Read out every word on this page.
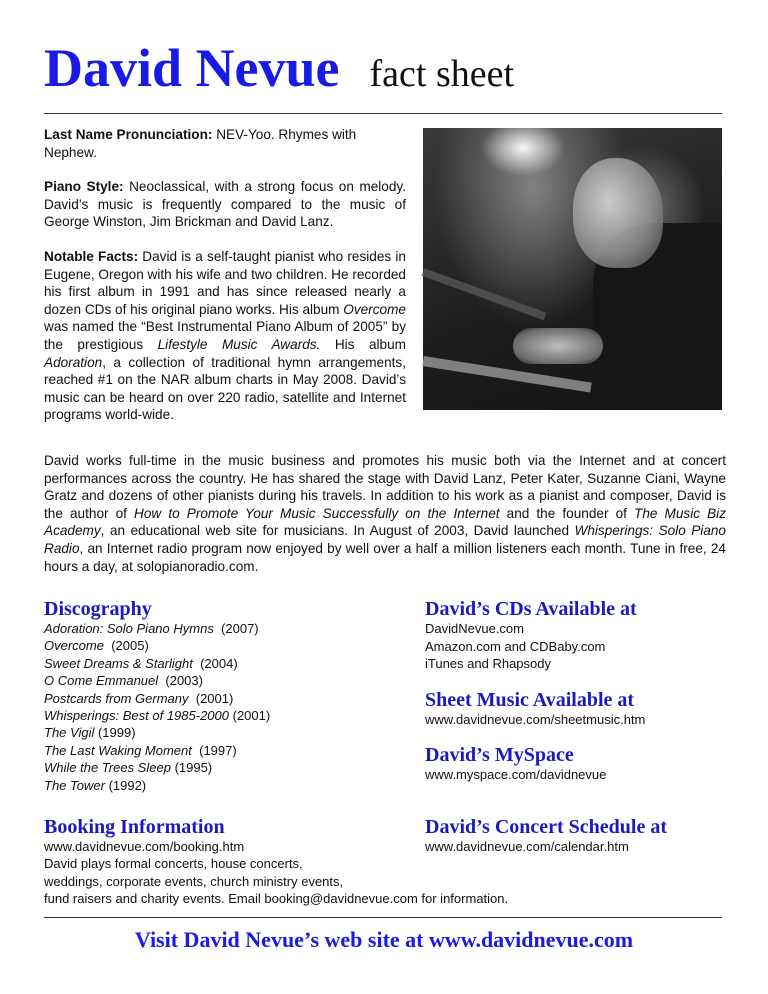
David Nevue fact sheet

Last Name Pronunciation: NEV-Yoo. Rhymes with Nephew.

Piano Style: Neoclassical, with a strong focus on melody. David’s music is frequently compared to the music of George Winston, Jim Brickman and David Lanz.

Notable Facts: David is a self-taught pianist who resides in Eugene, Oregon with his wife and two children. He recorded his first album in 1991 and has since released nearly a dozen CDs of his original piano works. His album Overcome was named the “Best Instrumental Piano Album of 2005” by the prestigious Lifestyle Music Awards. His album Adoration, a collection of traditional hymn arrangements, reached #1 on the NAR album charts in May 2008. David’s music can be heard on over 220 radio, satellite and Internet programs world-wide.

David works full-time in the music business and promotes his music both via the Internet and at concert performances across the country. He has shared the stage with David Lanz, Peter Kater, Suzanne Ciani, Wayne Gratz and dozens of other pianists during his travels. In addition to his work as a pianist and composer, David is the author of How to Promote Your Music Successfully on the Internet and the founder of The Music Biz Academy, an educational web site for musicians. In August of 2003, David launched Whisperings: Solo Piano Radio, an Internet radio program now enjoyed by well over a half a million listeners each month. Tune in free, 24 hours a day, at solopianoradio.com.

Discography
Adoration: Solo Piano Hymns (2007)
Overcome (2005)
Sweet Dreams & Starlight (2004)
O Come Emmanuel (2003)
Postcards from Germany (2001)
Whisperings: Best of 1985-2000 (2001)
The Vigil (1999)
The Last Waking Moment (1997)
While the Trees Sleep (1995)
The Tower (1992)
David’s CDs Available at
DavidNevue.com
Amazon.com and CDBaby.com
iTunes and Rhapsody
Sheet Music Available at
www.davidnevue.com/sheetmusic.htm
David’s MySpace
www.myspace.com/davidnevue
Booking Information
www.davidnevue.com/booking.htm
David plays formal concerts, house concerts,
weddings, corporate events, church ministry events,
fund raisers and charity events. Email booking@davidnevue.com for information.
David’s Concert Schedule at
www.davidnevue.com/calendar.htm
Visit David Nevue’s web site at www.davidnevue.com
